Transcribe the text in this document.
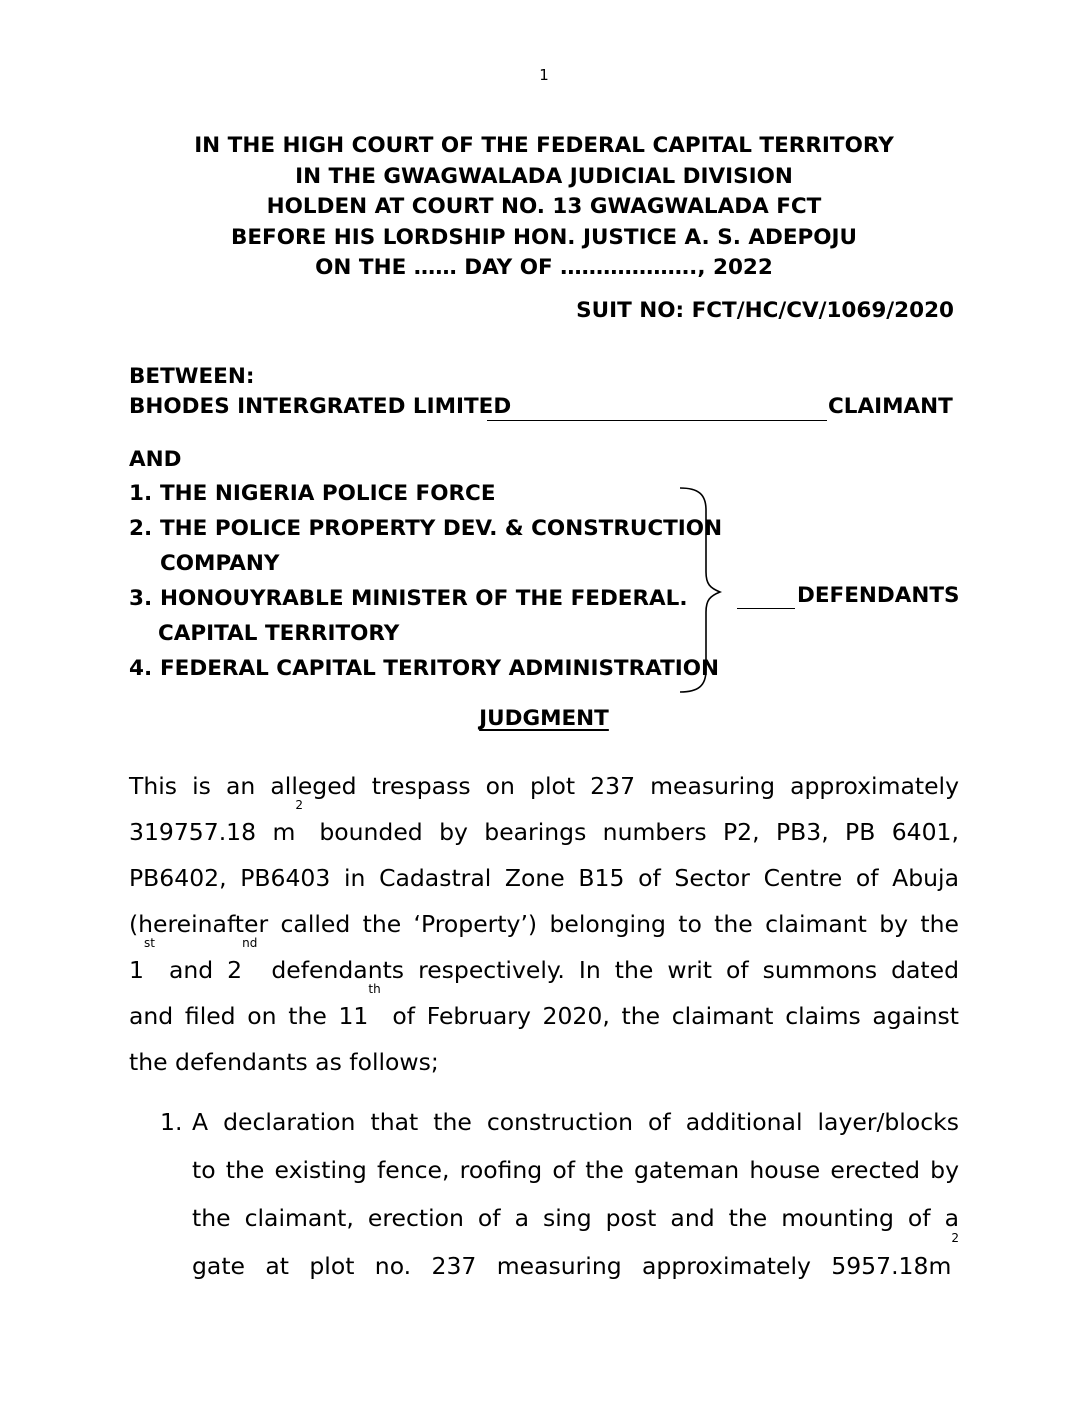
1
IN THE HIGH COURT OF THE FEDERAL CAPITAL TERRITORY
IN THE GWAGWALADA JUDICIAL DIVISION
HOLDEN AT COURT NO. 13 GWAGWALADA FCT
BEFORE HIS LORDSHIP HON. JUSTICE A. S. ADEPOJU
ON THE …… DAY OF ………………., 2022
SUIT NO: FCT/HC/CV/1069/2020
BETWEEN:
BHODES INTERGRATED LIMITED	CLAIMANT
AND
1. THE NIGERIA POLICE FORCE
2. THE POLICE PROPERTY DEV. & CONSTRUCTION
COMPANY
3. HONOUYRABLE MINISTER OF THE FEDERAL.
CAPITAL TERRITORY
4. FEDERAL CAPITAL TERITORY ADMINISTRATION
DEFENDANTS
JUDGMENT
This is an alleged trespass on plot 237 measuring approximately
319757.18 $m^2$ bounded by bearings numbers P2, PB3, PB 6401,
PB6402, PB6403 in Cadastral Zone B15 of Sector Centre of Abuja
(hereinafter called the ‘Property’) belonging to the claimant by the
1st and 2nd defendants respectively. In the writ of summons dated
and filed on the 11th of February 2020, the claimant claims against
the defendants as follows;
1. A declaration that the construction of additional layer/blocks
to the existing fence, roofing of the gateman house erected by
the claimant, erection of a sing post and the mounting of a
gate at plot no. 237 measuring approximately $5957.18m^2$
